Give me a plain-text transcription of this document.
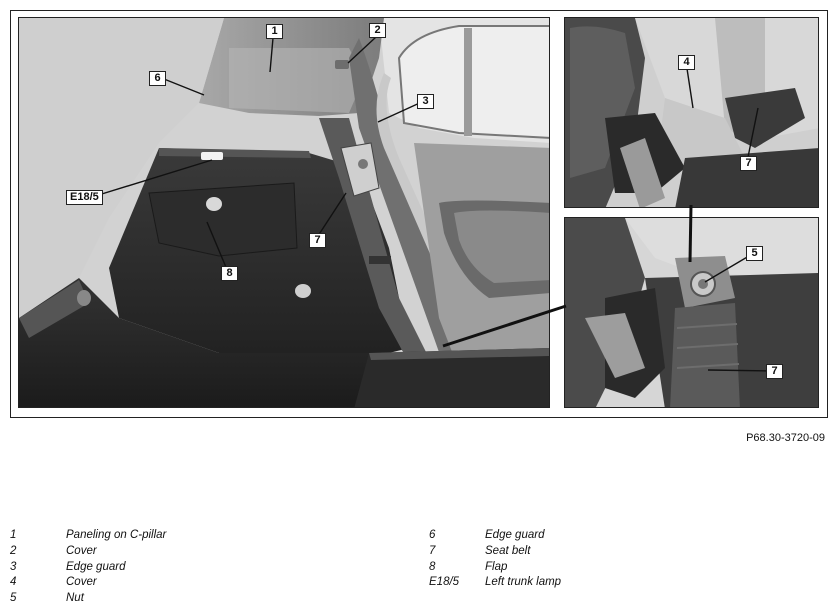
1	2
6
3
E18/5
7
8
4
7
5
7
P68.30-3720-09
1	Paneling on C-pillar
2	Cover
3	Edge guard
4	Cover
5	Nut
6	Edge guard
7	Seat belt
8	Flap
E18/5 Left trunk lamp
